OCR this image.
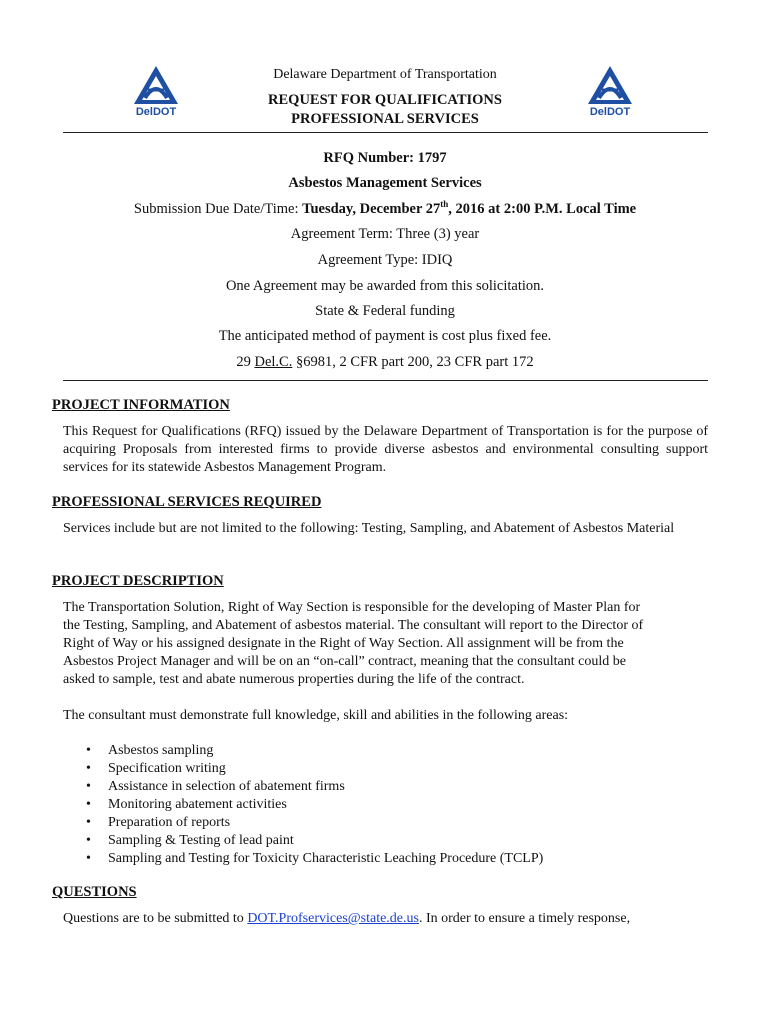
DelDOT	DelDOT
Delaware Department of Transportation
REQUEST FOR QUALIFICATIONS
PROFESSIONAL SERVICES
RFQ Number: 1797
Asbestos Management Services
Submission Due Date/Time: Tuesday, December 27th, 2016 at 2:00 P.M. Local Time
Agreement Term: Three (3) year
Agreement Type: IDIQ
One Agreement may be awarded from this solicitation.
State & Federal funding
The anticipated method of payment is cost plus fixed fee.
29 Del.C. §6981, 2 CFR part 200, 23 CFR part 172
PROJECT INFORMATION
This Request for Qualifications (RFQ) issued by the Delaware Department of Transportation is for the purpose of acquiring Proposals from interested firms to provide diverse asbestos and environmental consulting support services for its statewide Asbestos Management Program.
PROFESSIONAL SERVICES REQUIRED
Services include but are not limited to the following: Testing, Sampling, and Abatement of Asbestos Material
PROJECT DESCRIPTION
The Transportation Solution, Right of Way Section is responsible for the developing of Master Plan for
the Testing, Sampling, and Abatement of asbestos material. The consultant will report to the Director of
Right of Way or his assigned designate in the Right of Way Section. All assignment will be from the
Asbestos Project Manager and will be on an “on-call” contract, meaning that the consultant could be
asked to sample, test and abate numerous properties during the life of the contract.
The consultant must demonstrate full knowledge, skill and abilities in the following areas:
• Asbestos sampling
• Specification writing
• Assistance in selection of abatement firms
• Monitoring abatement activities
• Preparation of reports
• Sampling & Testing of lead paint
• Sampling and Testing for Toxicity Characteristic Leaching Procedure (TCLP)
QUESTIONS
Questions are to be submitted to DOT.Profservices@state.de.us. In order to ensure a timely response,
